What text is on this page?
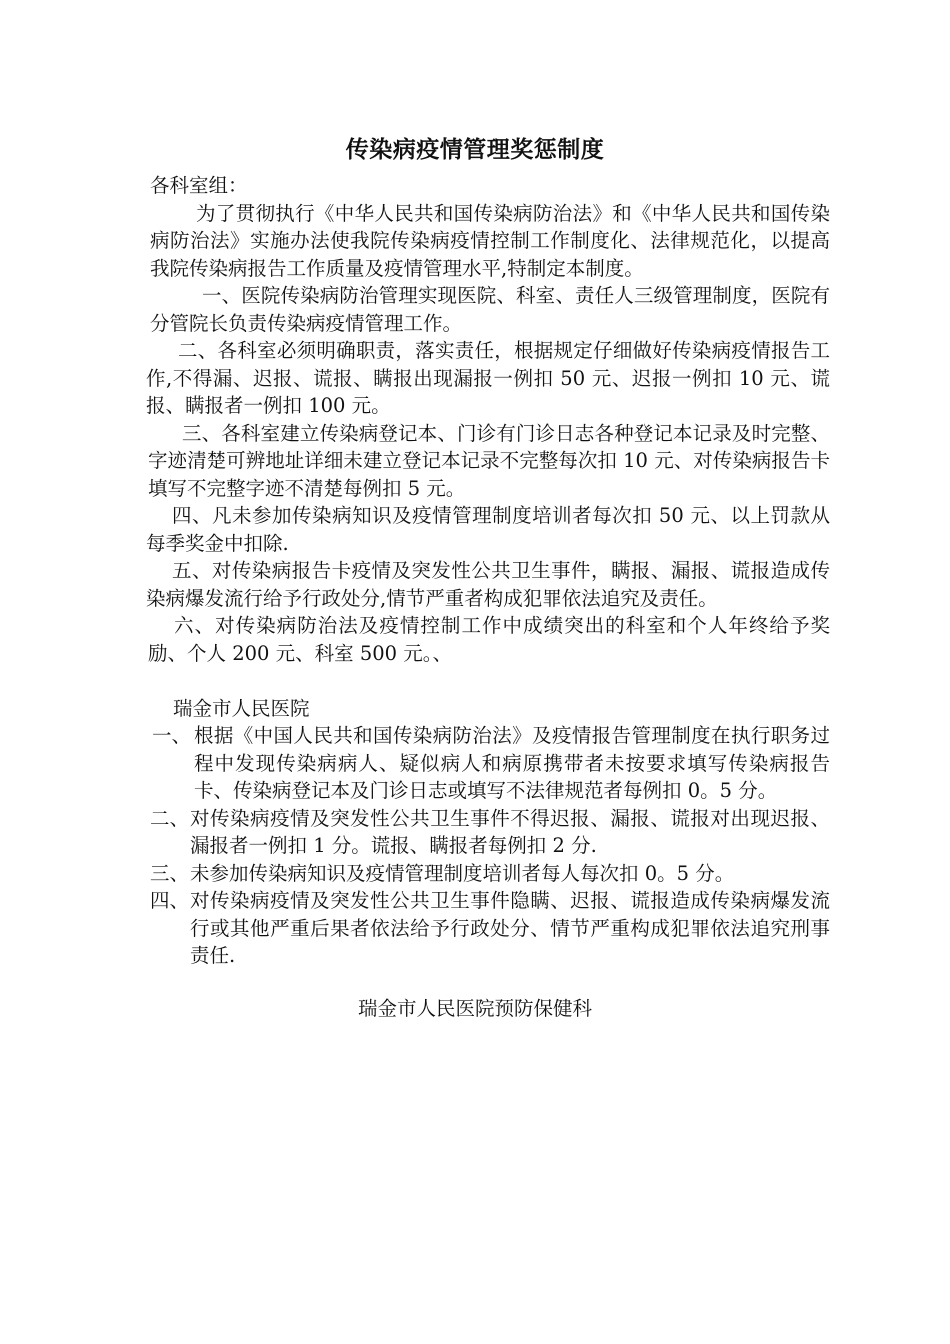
传染病疫情管理奖惩制度

各科室组：

为了贯彻执行《中华人民共和国传染病防治法》和《中华人民共和国传染病防治法》实施办法使我院传染病疫情控制工作制度化、法律规范化，以提高我院传染病报告工作质量及疫情管理水平,特制定本制度。

一、医院传染病防治管理实现医院、科室、责任人三级管理制度，医院有分管院长负责传染病疫情管理工作。

二、各科室必须明确职责，落实责任，根据规定仔细做好传染病疫情报告工作,不得漏、迟报、谎报、瞒报出现漏报一例扣 50 元、迟报一例扣 10 元、谎报、瞒报者一例扣 100 元。

三、各科室建立传染病登记本、门诊有门诊日志各种登记本记录及时完整、字迹清楚可辨地址详细未建立登记本记录不完整每次扣 10 元、对传染病报告卡填写不完整字迹不清楚每例扣 5 元。

四、凡未参加传染病知识及疫情管理制度培训者每次扣 50 元、以上罚款从每季奖金中扣除.

五、对传染病报告卡疫情及突发性公共卫生事件，瞒报、漏报、谎报造成传染病爆发流行给予行政处分,情节严重者构成犯罪依法追究及责任。

六、对传染病防治法及疫情控制工作中成绩突出的科室和个人年终给予奖励、个人 200 元、科室 500 元。、

瑞金市人民医院

一、 根据《中国人民共和国传染病防治法》及疫情报告管理制度在执行职务过程中发现传染病病人、疑似病人和病原携带者未按要求填写传染病报告卡、传染病登记本及门诊日志或填写不法律规范者每例扣 0。5 分。
二、 对传染病疫情及突发性公共卫生事件不得迟报、漏报、谎报对出现迟报、漏报者一例扣 1 分。谎报、瞒报者每例扣 2 分.
三、 未参加传染病知识及疫情管理制度培训者每人每次扣 0。5 分。
四、 对传染病疫情及突发性公共卫生事件隐瞒、迟报、谎报造成传染病爆发流行或其他严重后果者依法给予行政处分、情节严重构成犯罪依法追究刑事责任.
瑞金市人民医院预防保健科
